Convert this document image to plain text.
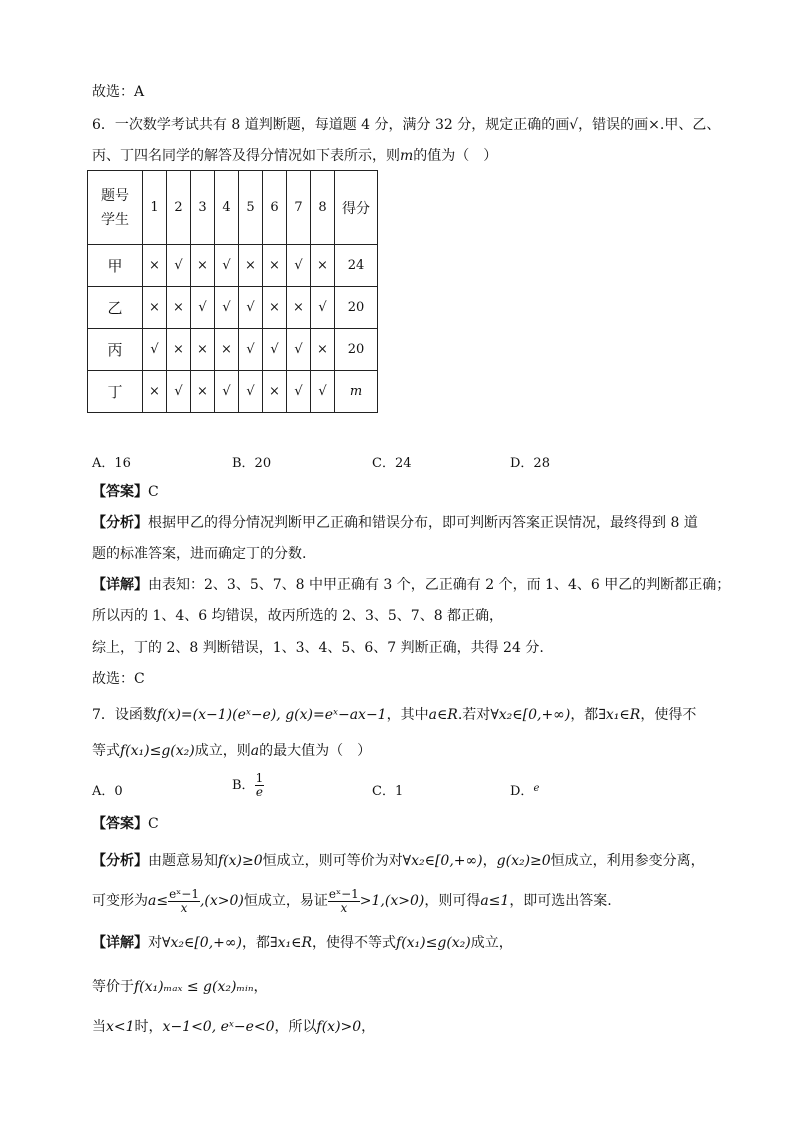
故选：A
6．一次数学考试共有 8 道判断题，每道题 4 分，满分 32 分，规定正确的画√，错误的画×.甲、乙、
丙、丁四名同学的解答及得分情况如下表所示，则m的值为（　）
题号
学生	1	2	3	4	5	6	7	8	得分
甲	×	√	×	√	×	×	√	×	24
乙	×	×	√	√	√	×	×	√	20
丙	√	×	×	×	√	√	√	×	20
丁	×	√	×	√	√	×	√	√	m
A．16	B．20	C．24	D．28
【答案】C
【分析】根据甲乙的得分情况判断甲乙正确和错误分布，即可判断丙答案正误情况，最终得到 8 道
题的标准答案，进而确定丁的分数.
【详解】由表知：2、3、5、7、8 中甲正确有 3 个，乙正确有 2 个，而 1、4、6 甲乙的判断都正确；
所以丙的 1、4、6 均错误，故丙所选的 2、3、5、7、8 都正确，
综上，丁的 2、8 判断错误，1、3、4、5、6、7 判断正确，共得 24 分.
故选：C
7．设函数f(x)=(x−1)(eˣ−e), g(x)=eˣ−ax−1，其中a∈R.若对∀x₂∈[0,+∞)，都∃x₁∈R，使得不
等式f(x₁)≤g(x₂)成立，则a的最大值为（　）
A．0	B． $\frac{1}{e}$	C．1	D．$^e$
【答案】C
【分析】由题意易知f(x)≥0恒成立，则可等价为对∀x₂∈[0,+∞)，g(x₂)≥0恒成立，利用参变分离，
可变形为$a\le \frac{\text{eˣ−1}}{x} ,(x>0)$恒成立，易证 $\frac{\text{eˣ−1}}{x} >1,(x>0)$，则可得a≤1，即可选出答案.
【详解】对∀x₂∈[0,+∞)，都∃x₁∈R，使得不等式f(x₁)≤g(x₂)成立，
等价于f(x₁)ₘₐₓ ≤ g(x₂)ₘᵢₙ，
当x<1时，x−1<0, eˣ−e<0，所以f(x)>0，
